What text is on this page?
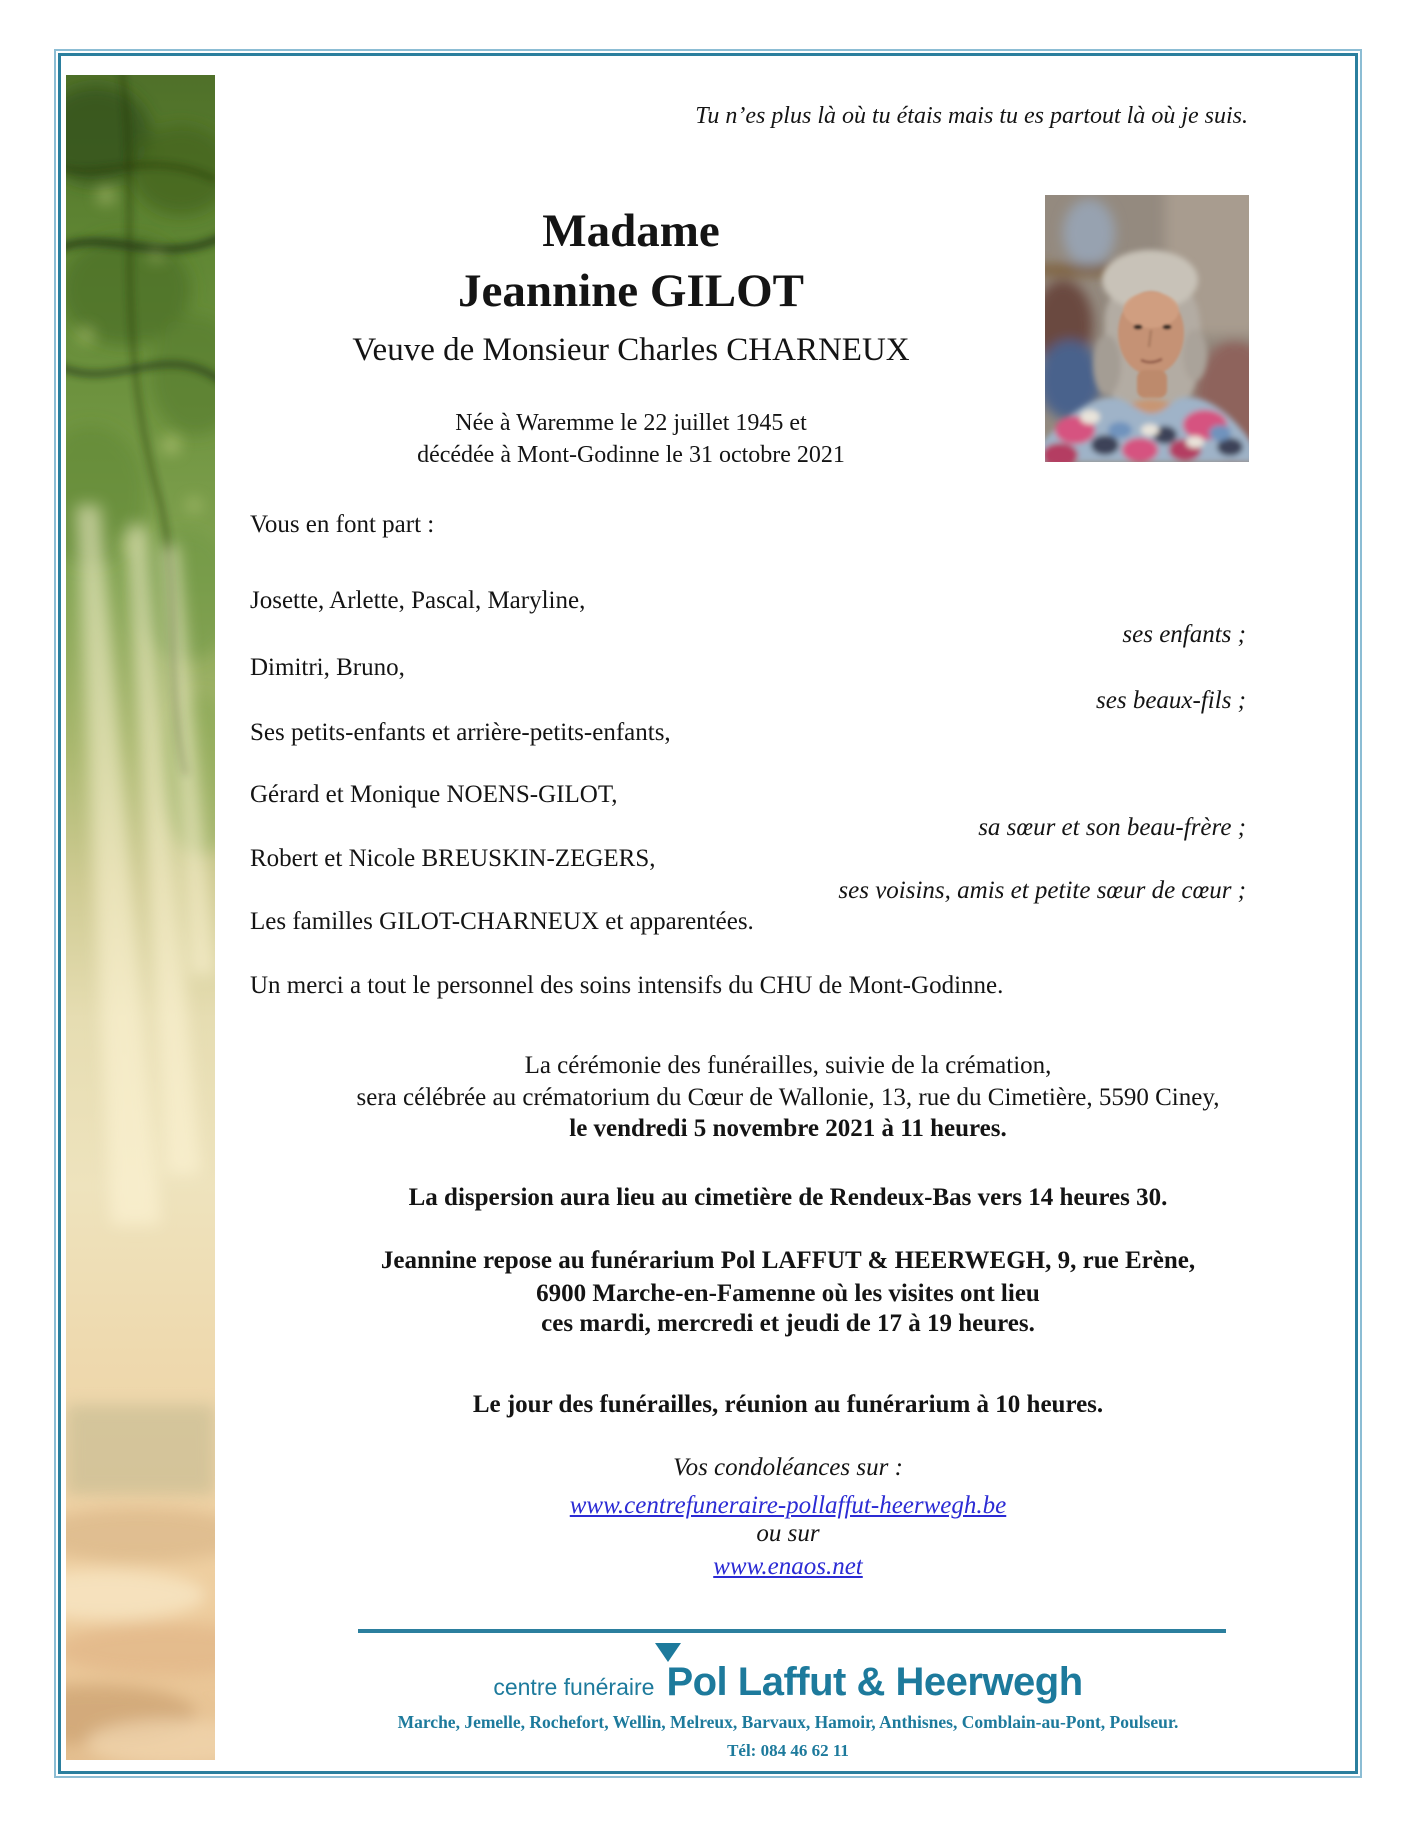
Tu n’es plus là où tu étais mais tu es partout là où je suis.
Madame
Jeannine GILOT
Veuve de Monsieur Charles CHARNEUX
Née à Waremme le 22 juillet 1945 et
décédée à Mont-Godinne le 31 octobre 2021
Vous en font part :
Josette, Arlette, Pascal, Maryline,
ses enfants ;
Dimitri, Bruno,
ses beaux-fils ;
Ses petits-enfants et arrière-petits-enfants,
Gérard et Monique NOENS-GILOT,
sa sœur et son beau-frère ;
Robert et Nicole BREUSKIN-ZEGERS,
ses voisins, amis et petite sœur de cœur ;
Les familles GILOT-CHARNEUX et apparentées.
Un merci a tout le personnel des soins intensifs du CHU de Mont-Godinne.
La cérémonie des funérailles, suivie de la crémation,
sera célébrée au crématorium du Cœur de Wallonie, 13, rue du Cimetière, 5590 Ciney,
le vendredi 5 novembre 2021 à 11 heures.
La dispersion aura lieu au cimetière de Rendeux-Bas vers 14 heures 30.
Jeannine repose au funérarium Pol LAFFUT & HEERWEGH, 9, rue Erène,
6900 Marche-en-Famenne où les visites ont lieu
ces mardi, mercredi et jeudi de 17 à 19 heures.
Le jour des funérailles, réunion au funérarium à 10 heures.
Vos condoléances sur :
www.centrefuneraire-pollaffut-heerwegh.be
ou sur
www.enaos.net
centre funéraire Pol Laffut & Heerwegh
Marche, Jemelle, Rochefort, Wellin, Melreux, Barvaux, Hamoir, Anthisnes, Comblain-au-Pont, Poulseur.
Tél: 084 46 62 11
